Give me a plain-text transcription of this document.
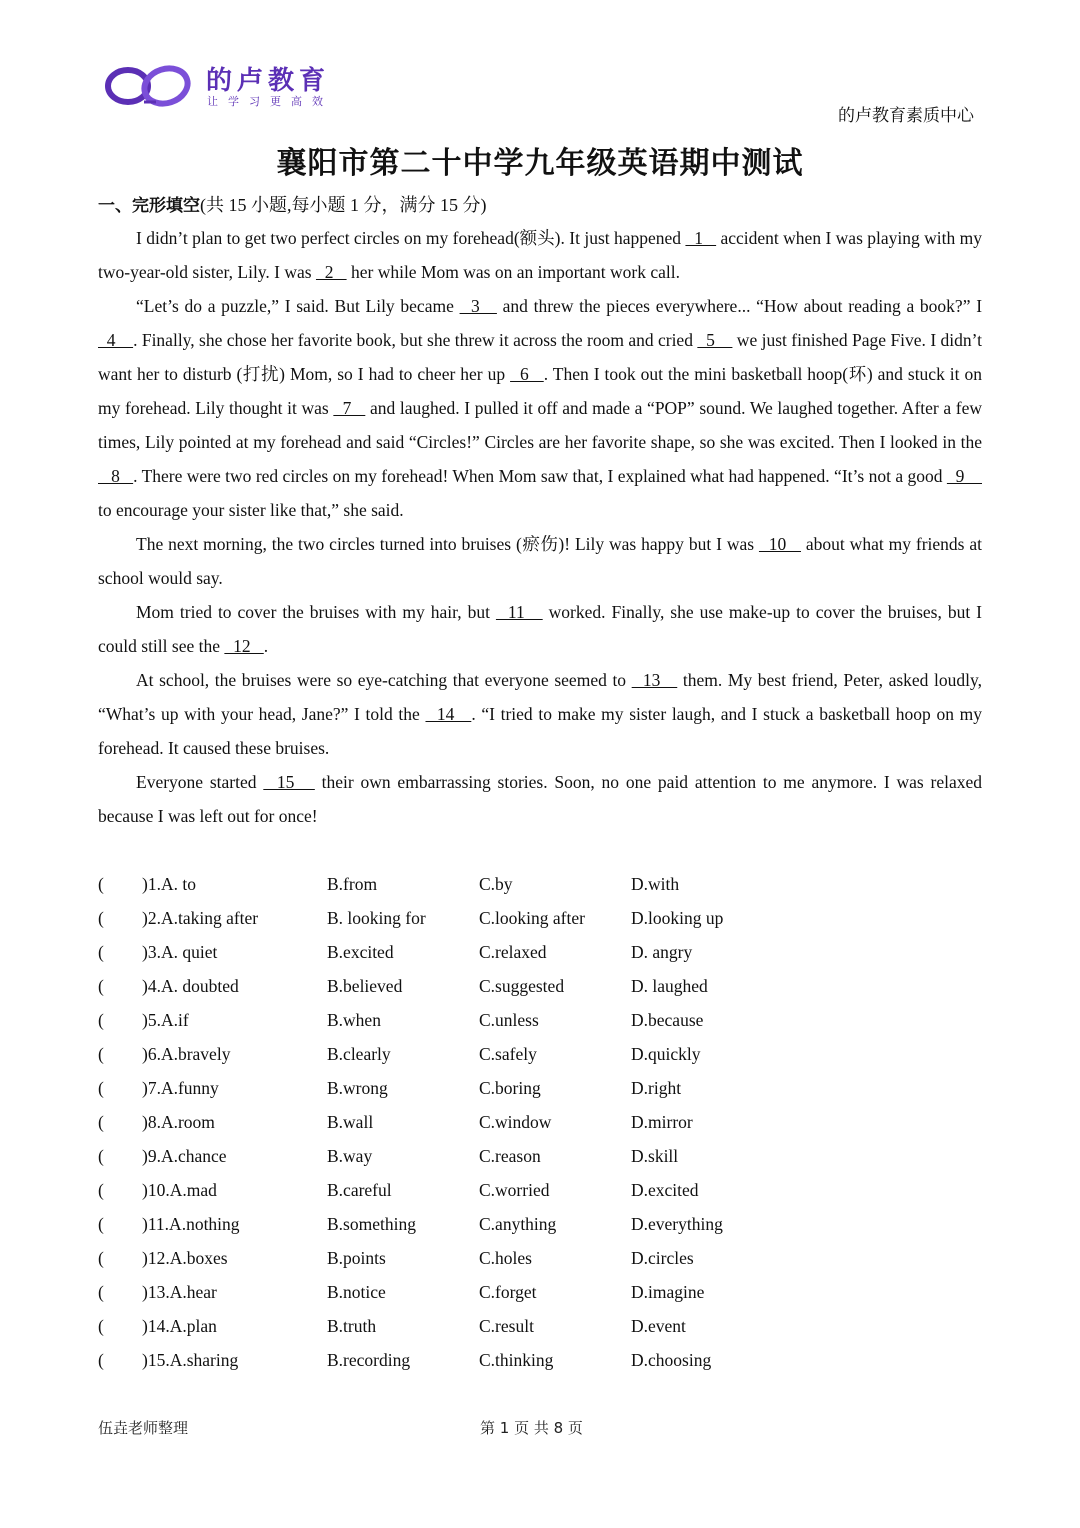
的卢教育
让学习更高效
的卢教育素质中心
襄阳市第二十中学九年级英语期中测试
一、完形填空(共 15 小题,每小题 1 分，满分 15 分)

I didn’t plan to get two perfect circles on my forehead(额头). It just happened   1    accident when I was playing with my two-year-old sister, Lily. I was   2    her while Mom was on an important work call.

“Let’s do a puzzle,” I said. But Lily became   3    and threw the pieces everywhere... “How about reading a book?” I   4    . Finally, she chose her favorite book, but she threw it across the room and cried   5     we just finished Page Five. I didn’t want her to disturb (打扰) Mom, so I had to cheer her up   6   . Then I took out the mini basketball hoop(环) and stuck it on my forehead. Lily thought it was   7    and laughed. I pulled it off and made a “POP” sound. We laughed together. After a few times, Lily pointed at my forehead and said “Circles!” Circles are her favorite shape, so she was excited. Then I looked in the   8   . There were two red circles on my forehead! When Mom saw that, I explained what had happened. “It’s not a good   9     to encourage your sister like that,” she said.

The next morning, the two circles turned into bruises (瘀伤)! Lily was happy but I was   10    about what my friends at school would say.

Mom tried to cover the bruises with my hair, but   11    worked. Finally, she use make-up to cover the bruises, but I could still see the   12   .

At school, the bruises were so eye-catching that everyone seemed to   13    them. My best friend, Peter, asked loudly, “What’s up with your head, Jane?” I told the   14   . “I tried to make my sister laugh, and I stuck a basketball hoop on my forehead. It caused these bruises.

Everyone started   15    their own embarrassing stories. Soon, no one paid attention to me anymore. I was relaxed because I was left out for once!

( )1.A. to	B.from	C.by	D.with
( )2.A.taking after	B. looking for	C.looking after	D.looking up
( )3.A. quiet	B.excited	C.relaxed	D. angry
( )4.A. doubted	B.believed	C.suggested	D. laughed
( )5.A.if	B.when	C.unless	D.because
( )6.A.bravely	B.clearly	C.safely	D.quickly
( )7.A.funny	B.wrong	C.boring	D.right
( )8.A.room	B.wall	C.window	D.mirror
( )9.A.chance	B.way	C.reason	D.skill
( )10.A.mad	B.careful	C.worried	D.excited
( )11.A.nothing	B.something	C.anything	D.everything
( )12.A.boxes	B.points	C.holes	D.circles
( )13.A.hear	B.notice	C.forget	D.imagine
( )14.A.plan	B.truth	C.result	D.event
( )15.A.sharing	B.recording	C.thinking	D.choosing
伍垚老师整理	第 1 页 共 8 页
